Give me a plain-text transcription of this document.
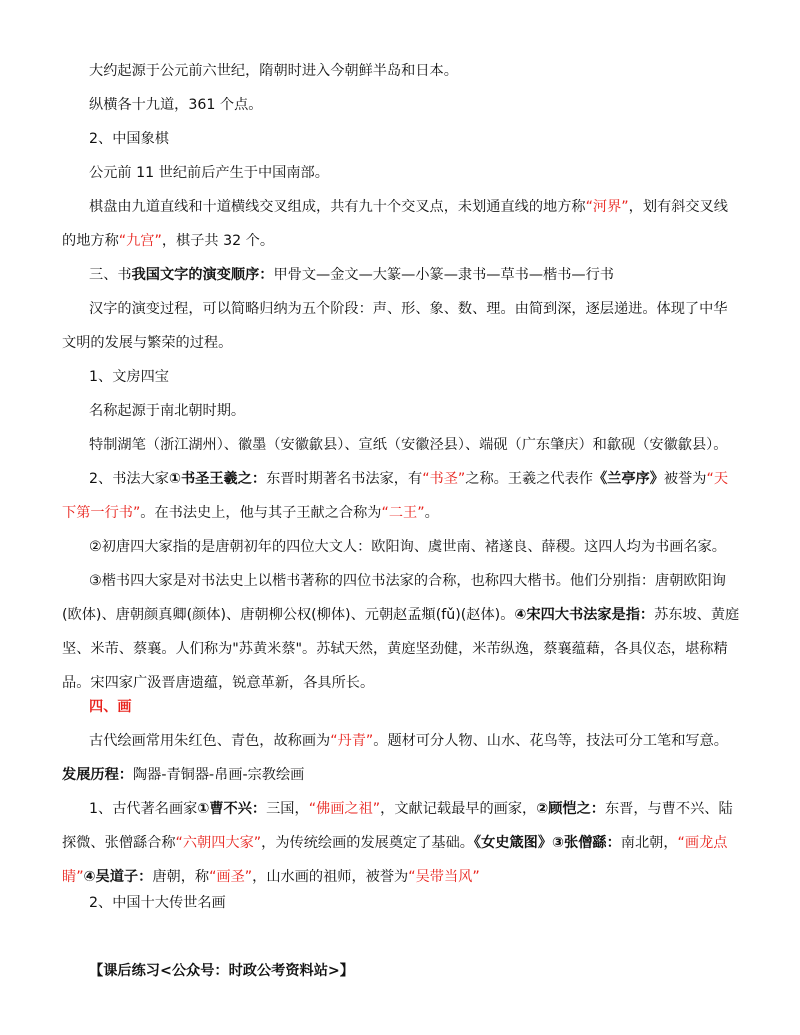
大约起源于公元前六世纪，隋朝时进入今朝鲜半岛和日本。

纵横各十九道，361 个点。

2、中国象棋

公元前 11 世纪前后产生于中国南部。

棋盘由九道直线和十道横线交叉组成，共有九十个交叉点，未划通直线的地方称“河界”，划有斜交叉线的地方称“九宫”，棋子共 32 个。

三、书我国文字的演变顺序：甲骨文—金文—大篆—小篆—隶书—草书—楷书—行书

汉字的演变过程，可以简略归纳为五个阶段：声、形、象、数、理。由简到深，逐层递进。体现了中华文明的发展与繁荣的过程。

1、文房四宝

名称起源于南北朝时期。

特制湖笔（浙江湖州）、徽墨（安徽歙县）、宣纸（安徽泾县）、端砚（广东肇庆）和歙砚（安徽歙县）。

2、书法大家①书圣王羲之：东晋时期著名书法家，有“书圣”之称。王羲之代表作《兰亭序》被誉为“天下第一行书”。在书法史上，他与其子王献之合称为“二王”。

②初唐四大家指的是唐朝初年的四位大文人：欧阳询、虞世南、褚遂良、薛稷。这四人均为书画名家。

③楷书四大家是对书法史上以楷书著称的四位书法家的合称，也称四大楷书。他们分别指：唐朝欧阳询(欧体)、唐朝颜真卿(颜体)、唐朝柳公权(柳体)、元朝赵孟頫(fǔ)(赵体)。④宋四大书法家是指：苏东坡、黄庭坚、米芾、蔡襄。人们称为"苏黄米蔡"。苏轼天然，黄庭坚劲健，米芾纵逸，蔡襄蕴藉，各具仪态，堪称精品。宋四家广汲晋唐遗蕴，锐意革新，各具所长。

四、画

古代绘画常用朱红色、青色，故称画为“丹青”。题材可分人物、山水、花鸟等，技法可分工笔和写意。发展历程：陶器-青铜器-帛画-宗教绘画

1、古代著名画家①曹不兴：三国，“佛画之祖”，文献记载最早的画家，②顾恺之：东晋，与曹不兴、陆探微、张僧繇合称“六朝四大家”，为传统绘画的发展奠定了基础。《女史箴图》③张僧繇：南北朝，“画龙点睛”④吴道子：唐朝，称“画圣”，山水画的祖师，被誉为“吴带当风”

2、中国十大传世名画

【课后练习<公众号：时政公考资料站>】
